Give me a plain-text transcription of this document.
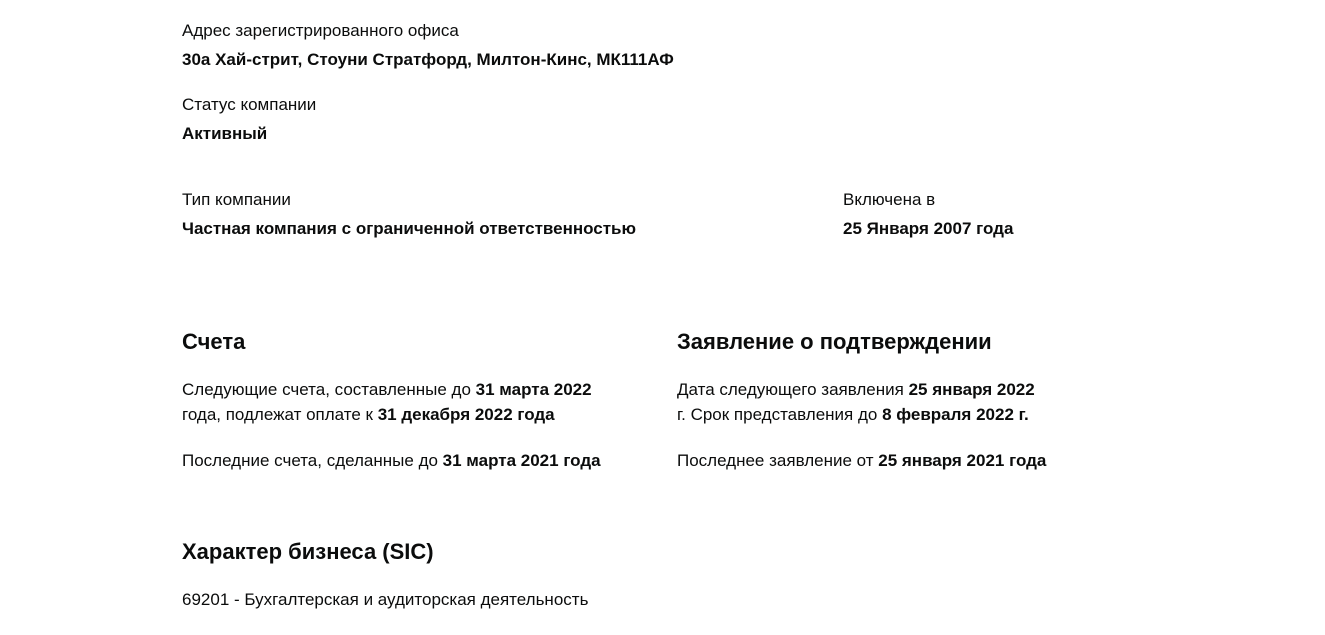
Адрес зарегистрированного офиса
30а Хай-стрит, Стоуни Стратфорд, Милтон-Кинс, МК111АФ
Статус компании
Активный
Тип компании
Частная компания с ограниченной ответственностью
Включена в
25 Января 2007 года
Счета
Следующие счета, составленные до 31 марта 2022
года, подлежат оплате к 31 декабря 2022 года
Последние счета, сделанные до 31 марта 2021 года
Заявление о подтверждении
Дата следующего заявления 25 января 2022
г. Срок представления до 8 февраля 2022 г.
Последнее заявление от 25 января 2021 года
Характер бизнеса (SIC)
69201 - Бухгалтерская и аудиторская деятельность
